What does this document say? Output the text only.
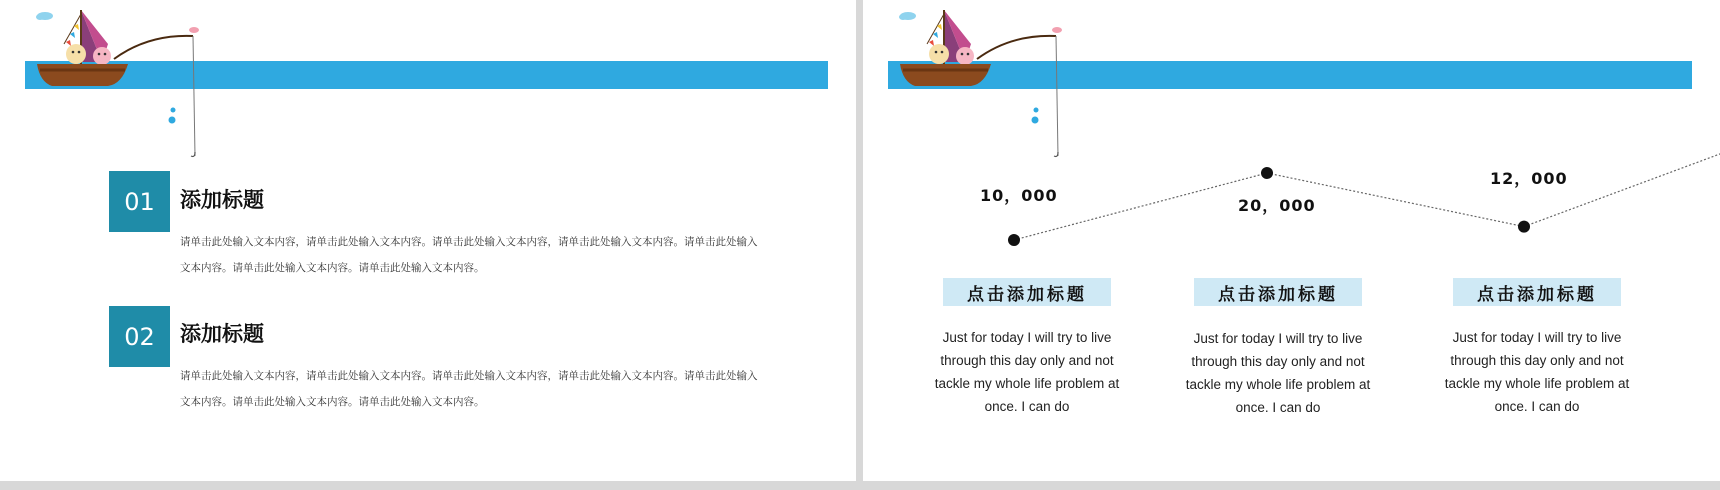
01	添加标题
请单击此处输入文本内容，请单击此处输入文本内容。请单击此处输入文本内容，请单击此处输入文本内容。请单击此处输入文本内容。请单击此处输入文本内容。请单击此处输入文本内容。
02	添加标题
请单击此处输入文本内容，请单击此处输入文本内容。请单击此处输入文本内容，请单击此处输入文本内容。请单击此处输入文本内容。请单击此处输入文本内容。请单击此处输入文本内容。
10，000
20，000
12，000
点击添加标题	点击添加标题	点击添加标题
Just for today I will try to live through this day only and not tackle my whole life problem at once. I can do
Just for today I will try to live through this day only and not tackle my whole life problem at once. I can do
Just for today I will try to live through this day only and not tackle my whole life problem at once. I can do
